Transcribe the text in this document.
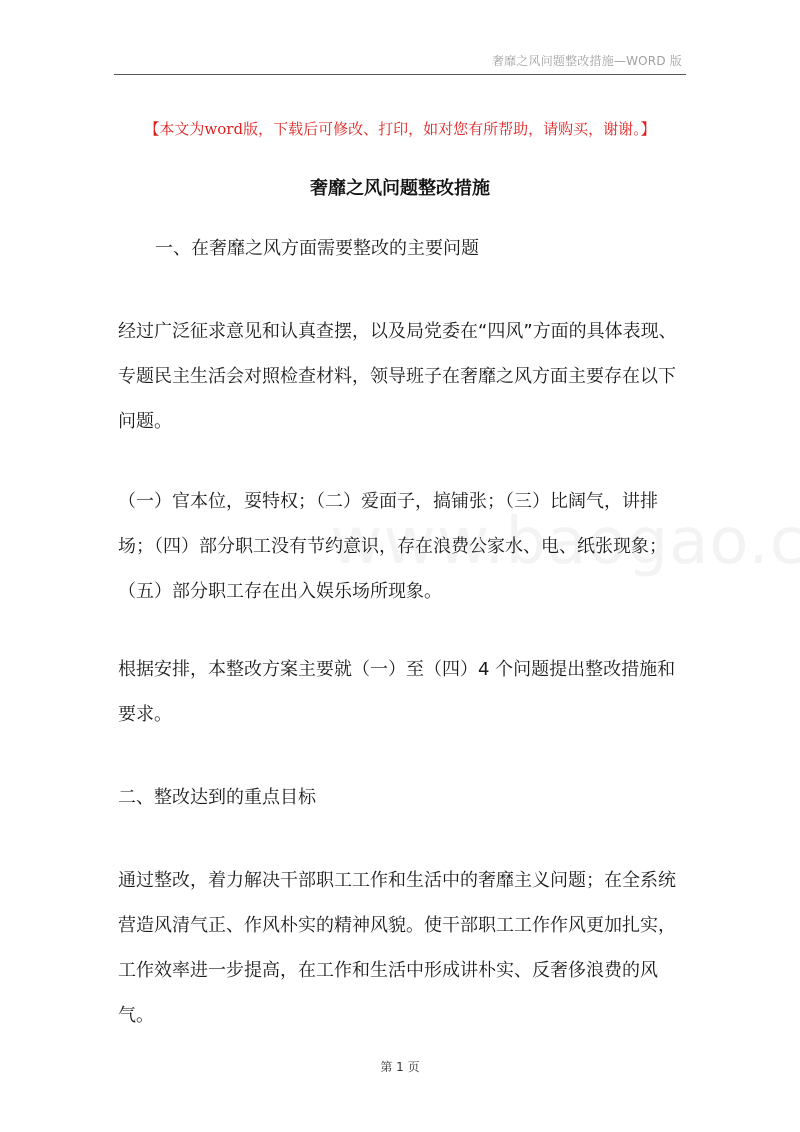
奢靡之风问题整改措施—WORD 版
【本文为word版，下载后可修改、打印，如对您有所帮助，请购买，谢谢。】
奢靡之风问题整改措施

一、在奢靡之风方面需要整改的主要问题

经过广泛征求意见和认真查摆，以及局党委在“四风”方面的具体表现、专题民主生活会对照检查材料，领导班子在奢靡之风方面主要存在以下问题。

（一）官本位，耍特权；（二）爱面子，搞铺张；（三）比阔气，讲排场；（四）部分职工没有节约意识，存在浪费公家水、电、纸张现象；（五）部分职工存在出入娱乐场所现象。

根据安排，本整改方案主要就（一）至（四）4 个问题提出整改措施和要求。

二、整改达到的重点目标

通过整改，着力解决干部职工工作和生活中的奢靡主义问题；在全系统营造风清气正、作风朴实的精神风貌。使干部职工工作作风更加扎实，工作效率进一步提高，在工作和生活中形成讲朴实、反奢侈浪费的风气。

第 1 页
